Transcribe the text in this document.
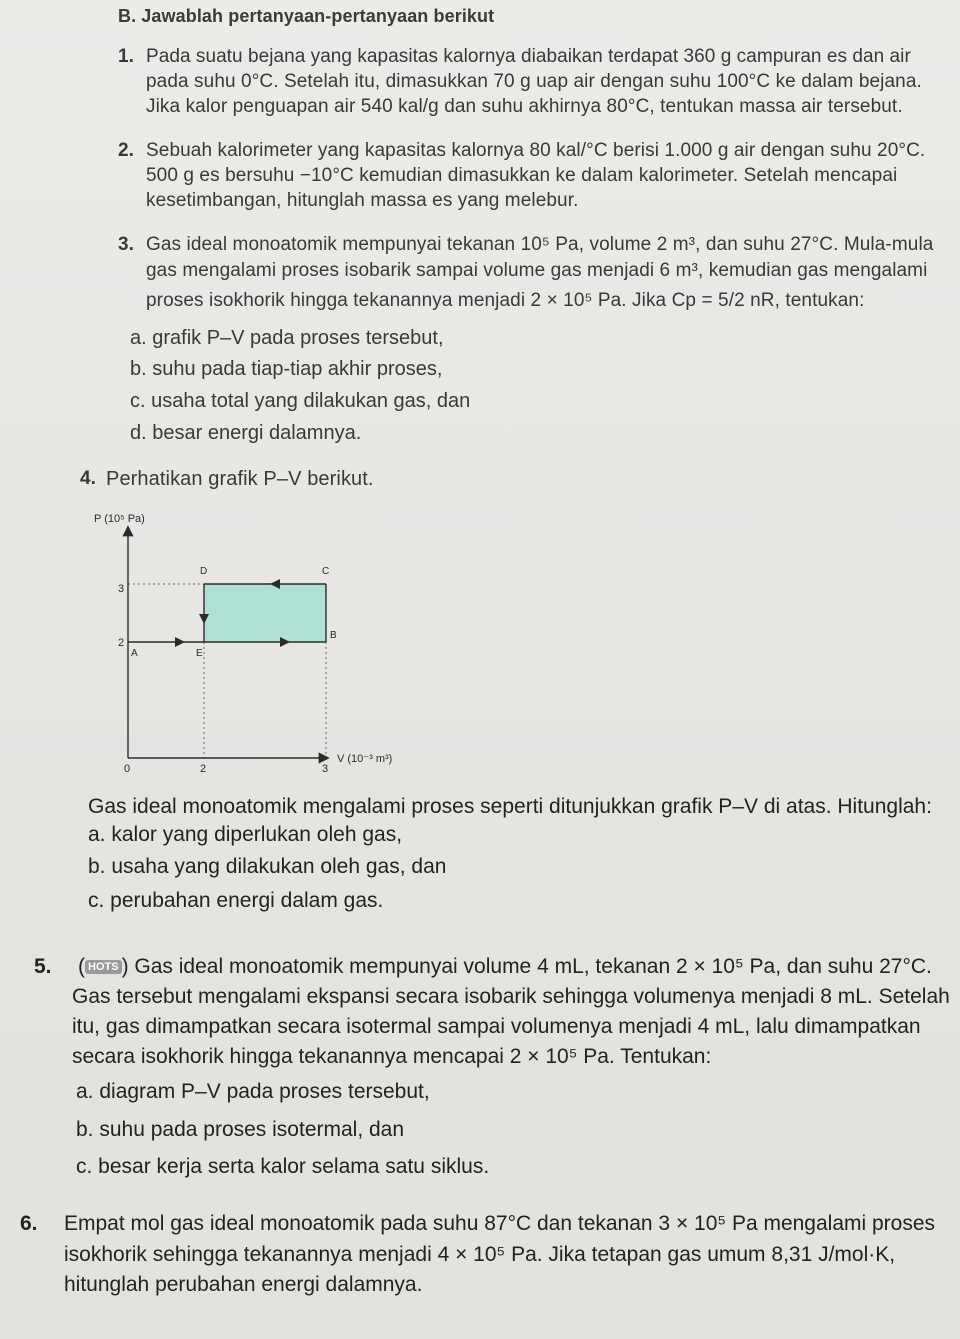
B. Jawablah pertanyaan-pertanyaan berikut
1. Pada suatu bejana yang kapasitas kalornya diabaikan terdapat 360 g campuran es dan air
pada suhu 0°C. Setelah itu, dimasukkan 70 g uap air dengan suhu 100°C ke dalam bejana.
Jika kalor penguapan air 540 kal/g dan suhu akhirnya 80°C, tentukan massa air tersebut.
2. Sebuah kalorimeter yang kapasitas kalornya 80 kal/°C berisi 1.000 g air dengan suhu 20°C.
500 g es bersuhu −10°C kemudian dimasukkan ke dalam kalorimeter. Setelah mencapai
kesetimbangan, hitunglah massa es yang melebur.
3. Gas ideal monoatomik mempunyai tekanan 10⁵ Pa, volume 2 m³, dan suhu 27°C. Mula-mula
gas mengalami proses isobarik sampai volume gas menjadi 6 m³, kemudian gas mengalami
proses isokhorik hingga tekanannya menjadi 2 × 10⁵ Pa. Jika Cp = 5/2 nR, tentukan:
a. grafik P–V pada proses tersebut,
b. suhu pada tiap-tiap akhir proses,
c. usaha total yang dilakukan gas, dan
d. besar energi dalamnya.
4. Perhatikan grafik P–V berikut.
P (10⁵ Pa)
V (10⁻³ m³)
3
2
0	2	3
A
B
C
D
E
Gas ideal monoatomik mengalami proses seperti ditunjukkan grafik P–V di atas. Hitunglah:
a. kalor yang diperlukan oleh gas,
b. usaha yang dilakukan oleh gas, dan
c. perubahan energi dalam gas.
5. ( HOTS ) Gas ideal monoatomik mempunyai volume 4 mL, tekanan 2 × 10⁵ Pa, dan suhu 27°C.
Gas tersebut mengalami ekspansi secara isobarik sehingga volumenya menjadi 8 mL. Setelah
itu, gas dimampatkan secara isotermal sampai volumenya menjadi 4 mL, lalu dimampatkan
secara isokhorik hingga tekanannya mencapai 2 × 10⁵ Pa. Tentukan:
a. diagram P–V pada proses tersebut,
b. suhu pada proses isotermal, dan
c. besar kerja serta kalor selama satu siklus.
6. Empat mol gas ideal monoatomik pada suhu 87°C dan tekanan 3 × 10⁵ Pa mengalami proses
isokhorik sehingga tekanannya menjadi 4 × 10⁵ Pa. Jika tetapan gas umum 8,31 J/mol·K,
hitunglah perubahan energi dalamnya.
